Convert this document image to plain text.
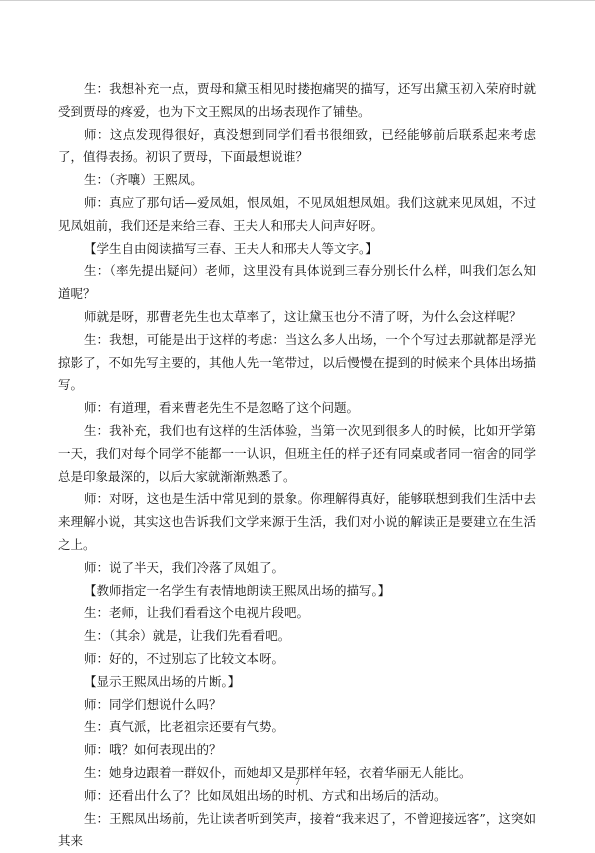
生：我想补充一点，贾母和黛玉相见时搂抱痛哭的描写，还写出黛玉初入荣府时就受到贾母的疼爱，也为下文王熙凤的出场表现作了铺垫。

师：这点发现得很好，真没想到同学们看书很细致，已经能够前后联系起来考虑了，值得表扬。初识了贾母，下面最想说谁？

生：（齐嚷）王熙凤。

师：真应了那句话—爱凤姐，恨凤姐，不见凤姐想凤姐。我们这就来见凤姐，不过见凤姐前，我们还是来给三春、王夫人和邢夫人问声好呀。

【学生自由阅读描写三春、王夫人和邢夫人等文字。】

生：（率先提出疑问）老师，这里没有具体说到三春分别长什么样，叫我们怎么知道呢？

师就是呀，那曹老先生也太草率了，这让黛玉也分不清了呀，为什么会这样呢？

生：我想，可能是出于这样的考虑：当这么多人出场，一个个写过去那就都是浮光掠影了，不如先写主要的，其他人先一笔带过，以后慢慢在提到的时候来个具体出场描写。

师：有道理，看来曹老先生不是忽略了这个问题。

生：我补充，我们也有这样的生活体验，当第一次见到很多人的时候，比如开学第一天，我们对每个同学不能都一一认识，但班主任的样子还有同桌或者同一宿舍的同学总是印象最深的，以后大家就渐渐熟悉了。

师：对呀，这也是生活中常见到的景象。你理解得真好，能够联想到我们生活中去来理解小说，其实这也告诉我们文学来源于生活，我们对小说的解读正是要建立在生活之上。

师：说了半天，我们冷落了凤姐了。

【教师指定一名学生有表情地朗读王熙凤出场的描写。】

生：老师，让我们看看这个电视片段吧。

生：（其余）就是，让我们先看看吧。

师：好的，不过别忘了比较文本呀。

【显示王熙凤出场的片断。】

师：同学们想说什么吗？

生：真气派，比老祖宗还要有气势。

师：哦？如何表现出的？

生：她身边跟着一群奴仆，而她却又是那样年轻，衣着华丽无人能比。

师：还看出什么了？比如凤姐出场的时机、方式和出场后的活动。

生：王熙凤出场前，先让读者听到笑声，接着“我来迟了，不曾迎接远客”，这突如其来

7
